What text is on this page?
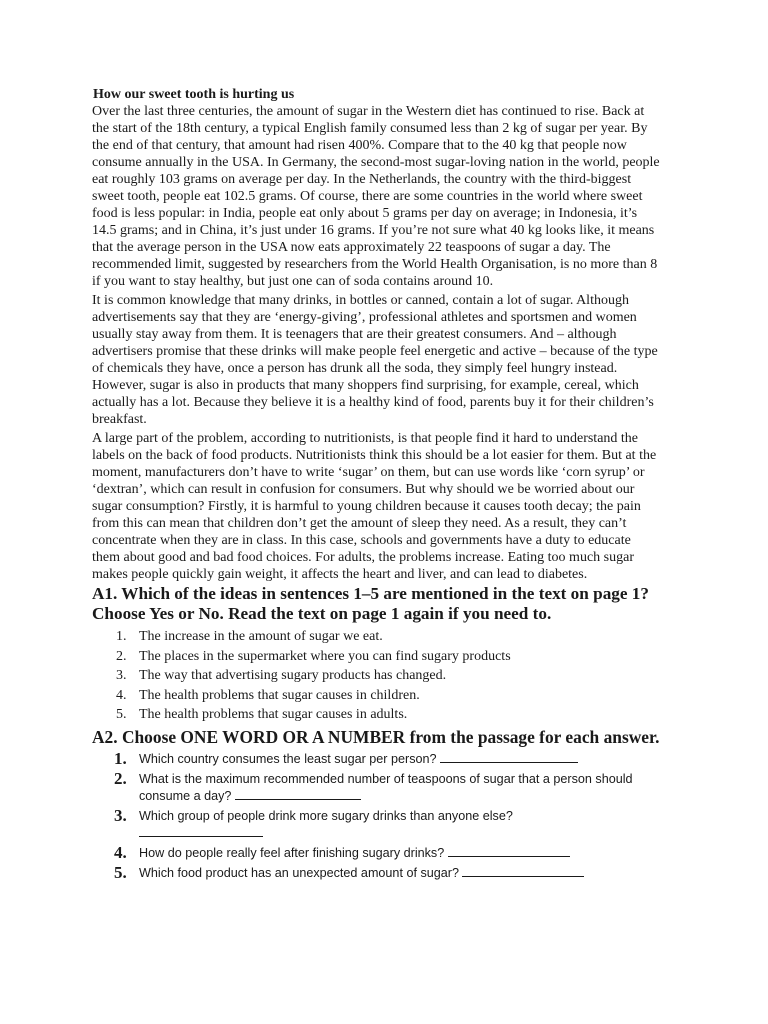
How our sweet tooth is hurting us

Over the last three centuries, the amount of sugar in the Western diet has continued to rise. Back at the start of the 18th century, a typical English family consumed less than 2 kg of sugar per year. By the end of that century, that amount had risen 400%. Compare that to the 40 kg that people now consume annually in the USA. In Germany, the second-most sugar-loving nation in the world, people eat roughly 103 grams on average per day. In the Netherlands, the country with the third-biggest sweet tooth, people eat 102.5 grams. Of course, there are some countries in the world where sweet food is less popular: in India, people eat only about 5 grams per day on average; in Indonesia, it’s 14.5 grams; and in China, it’s just under 16 grams. If you’re not sure what 40 kg looks like, it means that the average person in the USA now eats approximately 22 teaspoons of sugar a day. The recommended limit, suggested by researchers from the World Health Organisation, is no more than 8 if you want to stay healthy, but just one can of soda contains around 10.

It is common knowledge that many drinks, in bottles or canned, contain a lot of sugar. Although advertisements say that they are ‘energy-giving’, professional athletes and sportsmen and women usually stay away from them. It is teenagers that are their greatest consumers. And – although advertisers promise that these drinks will make people feel energetic and active – because of the type of chemicals they have, once a person has drunk all the soda, they simply feel hungry instead. However, sugar is also in products that many shoppers find surprising, for example, cereal, which actually has a lot. Because they believe it is a healthy kind of food, parents buy it for their children’s breakfast.

A large part of the problem, according to nutritionists, is that people find it hard to understand the labels on the back of food products. Nutritionists think this should be a lot easier for them. But at the moment, manufacturers don’t have to write ‘sugar’ on them, but can use words like ‘corn syrup’ or ‘dextran’, which can result in confusion for consumers. But why should we be worried about our sugar consumption? Firstly, it is harmful to young children because it causes tooth decay; the pain from this can mean that children don’t get the amount of sleep they need. As a result, they can’t concentrate when they are in class. In this case, schools and governments have a duty to educate them about good and bad food choices. For adults, the problems increase. Eating too much sugar makes people quickly gain weight, it affects the heart and liver, and can lead to diabetes.

A1. Which of the ideas in sentences 1–5 are mentioned in the text on page 1?
Choose Yes or No. Read the text on page 1 again if you need to.
1. The increase in the amount of sugar we eat.
2. The places in the supermarket where you can find sugary products
3. The way that advertising sugary products has changed.
4. The health problems that sugar causes in children.
5. The health problems that sugar causes in adults.
A2. Choose ONE WORD OR A NUMBER from the passage for each answer.
1. Which country consumes the least sugar per person?
2. What is the maximum recommended number of teaspoons of sugar that a person should consume a day?
3. Which group of people drink more sugary drinks than anyone else?

4. How do people really feel after finishing sugary drinks?
5. Which food product has an unexpected amount of sugar?
